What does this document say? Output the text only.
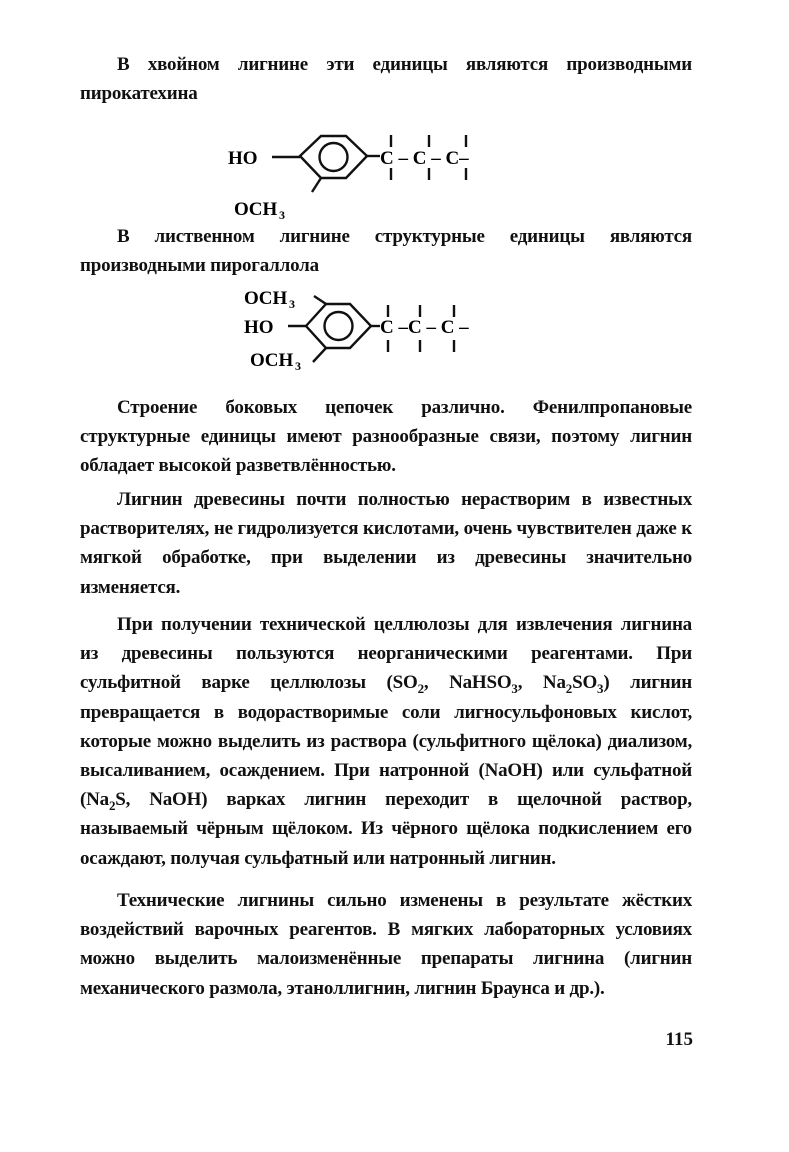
В хвойном лигнине эти единицы являются производными пирокатехина

HO	C – C – C–
OCH 3

В лиственном лигнине структурные единицы являются производными пирогаллола

OCH 3
HO	C –C – C –
OCH 3

Строение боковых цепочек различно. Фенилпропановые структурные единицы имеют разнообразные связи, поэтому лигнин обладает высокой разветвлённостью.

Лигнин древесины почти полностью нерастворим в известных растворителях, не гидролизуется кислотами, очень чувствителен даже к мягкой обработке, при выделении из древесины значительно изменяется.

При получении технической целлюлозы для извлечения лигнина из древесины пользуются неорганическими реагентами. При сульфитной варке целлюлозы ($SO_2$, NaHSO$_3$, $Na_2SO_3$) лигнин превращается в водорастворимые соли лигносульфоновых кислот, которые можно выделить из раствора (сульфитного щёлока) диализом, высаливанием, осаждением. При натронной (NaOH) или сульфатной ($Na_2S$, NaOH) варках лигнин переходит в щелочной раствор, называемый чёрным щёлоком. Из чёрного щёлока подкислением его осаждают, получая сульфатный или натронный лигнин.

Технические лигнины сильно изменены в результате жёстких воздействий варочных реагентов. В мягких лабораторных условиях можно выделить малоизменённые препараты лигнина (лигнин механического размола, этаноллигнин, лигнин Браунса и др.).

115
